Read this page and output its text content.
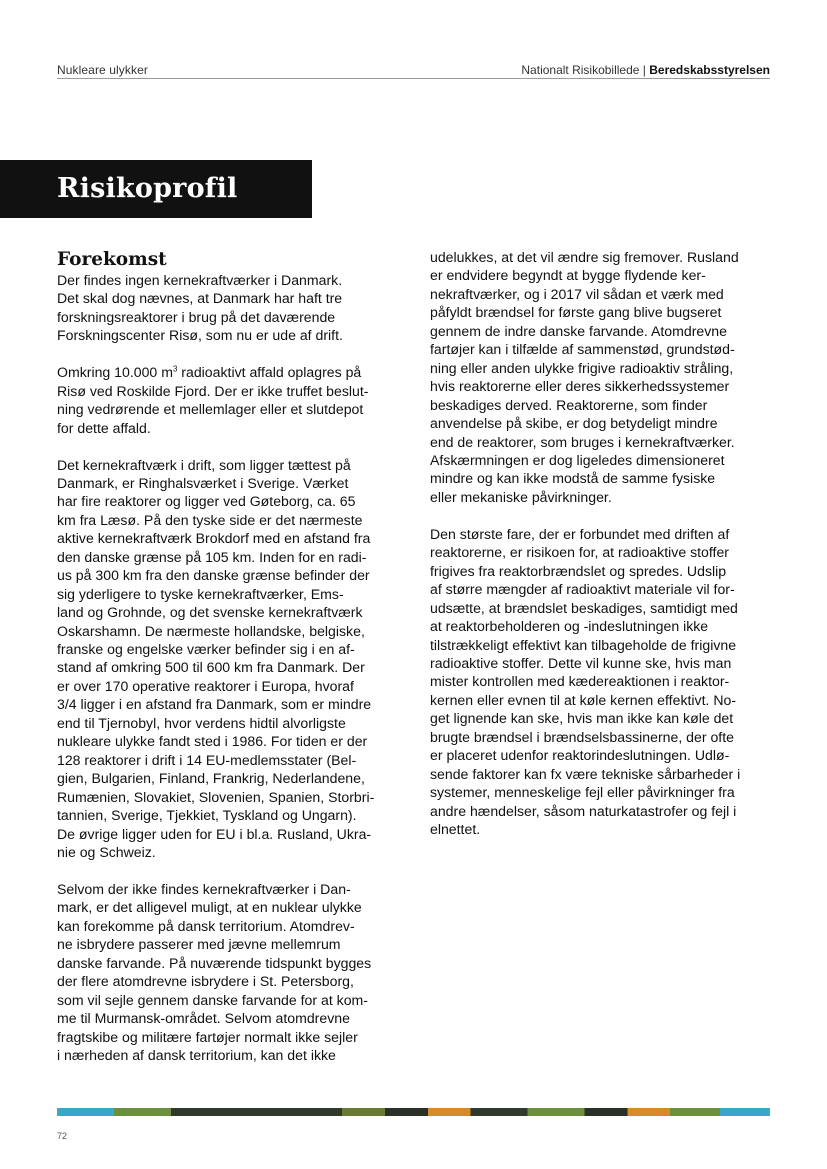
Nukleare ulykker	Nationalt Risikobillede | Beredskabsstyrelsen
Risikoprofil
Forekomst

Der findes ingen kernekraftværker i Danmark.
Det skal dog nævnes, at Danmark har haft tre
forskningsreaktorer i brug på det daværende
Forskningscenter Risø, som nu er ude af drift.

Omkring 10.000 $m^3$ radioaktivt affald oplagres på
Risø ved Roskilde Fjord. Der er ikke truffet beslut-
ning vedrørende et mellemlager eller et slutdepot
for dette affald.

Det kernekraftværk i drift, som ligger tættest på
Danmark, er Ringhalsværket i Sverige. Værket
har fire reaktorer og ligger ved Gøteborg, ca. 65
km fra Læsø. På den tyske side er det nærmeste
aktive kernekraftværk Brokdorf med en afstand fra
den danske grænse på 105 km. Inden for en radi-
us på 300 km fra den danske grænse befinder der
sig yderligere to tyske kernekraftværker, Ems-
land og Grohnde, og det svenske kernekraftværk
Oskarshamn. De nærmeste hollandske, belgiske,
franske og engelske værker befinder sig i en af-
stand af omkring 500 til 600 km fra Danmark. Der
er over 170 operative reaktorer i Europa, hvoraf
3/4 ligger i en afstand fra Danmark, som er mindre
end til Tjernobyl, hvor verdens hidtil alvorligste
nukleare ulykke fandt sted i 1986. For tiden er der
128 reaktorer i drift i 14 EU-medlemsstater (Bel-
gien, Bulgarien, Finland, Frankrig, Nederlandene,
Rumænien, Slovakiet, Slovenien, Spanien, Storbri-
tannien, Sverige, Tjekkiet, Tyskland og Ungarn).
De øvrige ligger uden for EU i bl.a. Rusland, Ukra-
nie og Schweiz.

Selvom der ikke findes kernekraftværker i Dan-
mark, er det alligevel muligt, at en nuklear ulykke
kan forekomme på dansk territorium. Atomdrev-
ne isbrydere passerer med jævne mellemrum
danske farvande. På nuværende tidspunkt bygges
der flere atomdrevne isbrydere i St. Petersborg,
som vil sejle gennem danske farvande for at kom-
me til Murmansk-området. Selvom atomdrevne
fragtskibe og militære fartøjer normalt ikke sejler
i nærheden af dansk territorium, kan det ikke

udelukkes, at det vil ændre sig fremover. Rusland
er endvidere begyndt at bygge flydende ker-
nekraftværker, og i 2017 vil sådan et værk med
påfyldt brændsel for første gang blive bugseret
gennem de indre danske farvande. Atomdrevne
fartøjer kan i tilfælde af sammenstød, grundstød-
ning eller anden ulykke frigive radioaktiv stråling,
hvis reaktorerne eller deres sikkerhedssystemer
beskadiges derved. Reaktorerne, som finder
anvendelse på skibe, er dog betydeligt mindre
end de reaktorer, som bruges i kernekraftværker.
Afskærmningen er dog ligeledes dimensioneret
mindre og kan ikke modstå de samme fysiske
eller mekaniske påvirkninger.

Den største fare, der er forbundet med driften af
reaktorerne, er risikoen for, at radioaktive stoffer
frigives fra reaktorbrændslet og spredes. Udslip
af større mængder af radioaktivt materiale vil for-
udsætte, at brændslet beskadiges, samtidigt med
at reaktorbeholderen og -indeslutningen ikke
tilstrækkeligt effektivt kan tilbageholde de frigivne
radioaktive stoffer. Dette vil kunne ske, hvis man
mister kontrollen med kædereaktionen i reaktor-
kernen eller evnen til at køle kernen effektivt. No-
get lignende kan ske, hvis man ikke kan køle det
brugte brændsel i brændselsbassinerne, der ofte
er placeret udenfor reaktorindeslutningen. Udlø-
sende faktorer kan fx være tekniske sårbarheder i
systemer, menneskelige fejl eller påvirkninger fra
andre hændelser, såsom naturkatastrofer og fejl i
elnettet.

72
